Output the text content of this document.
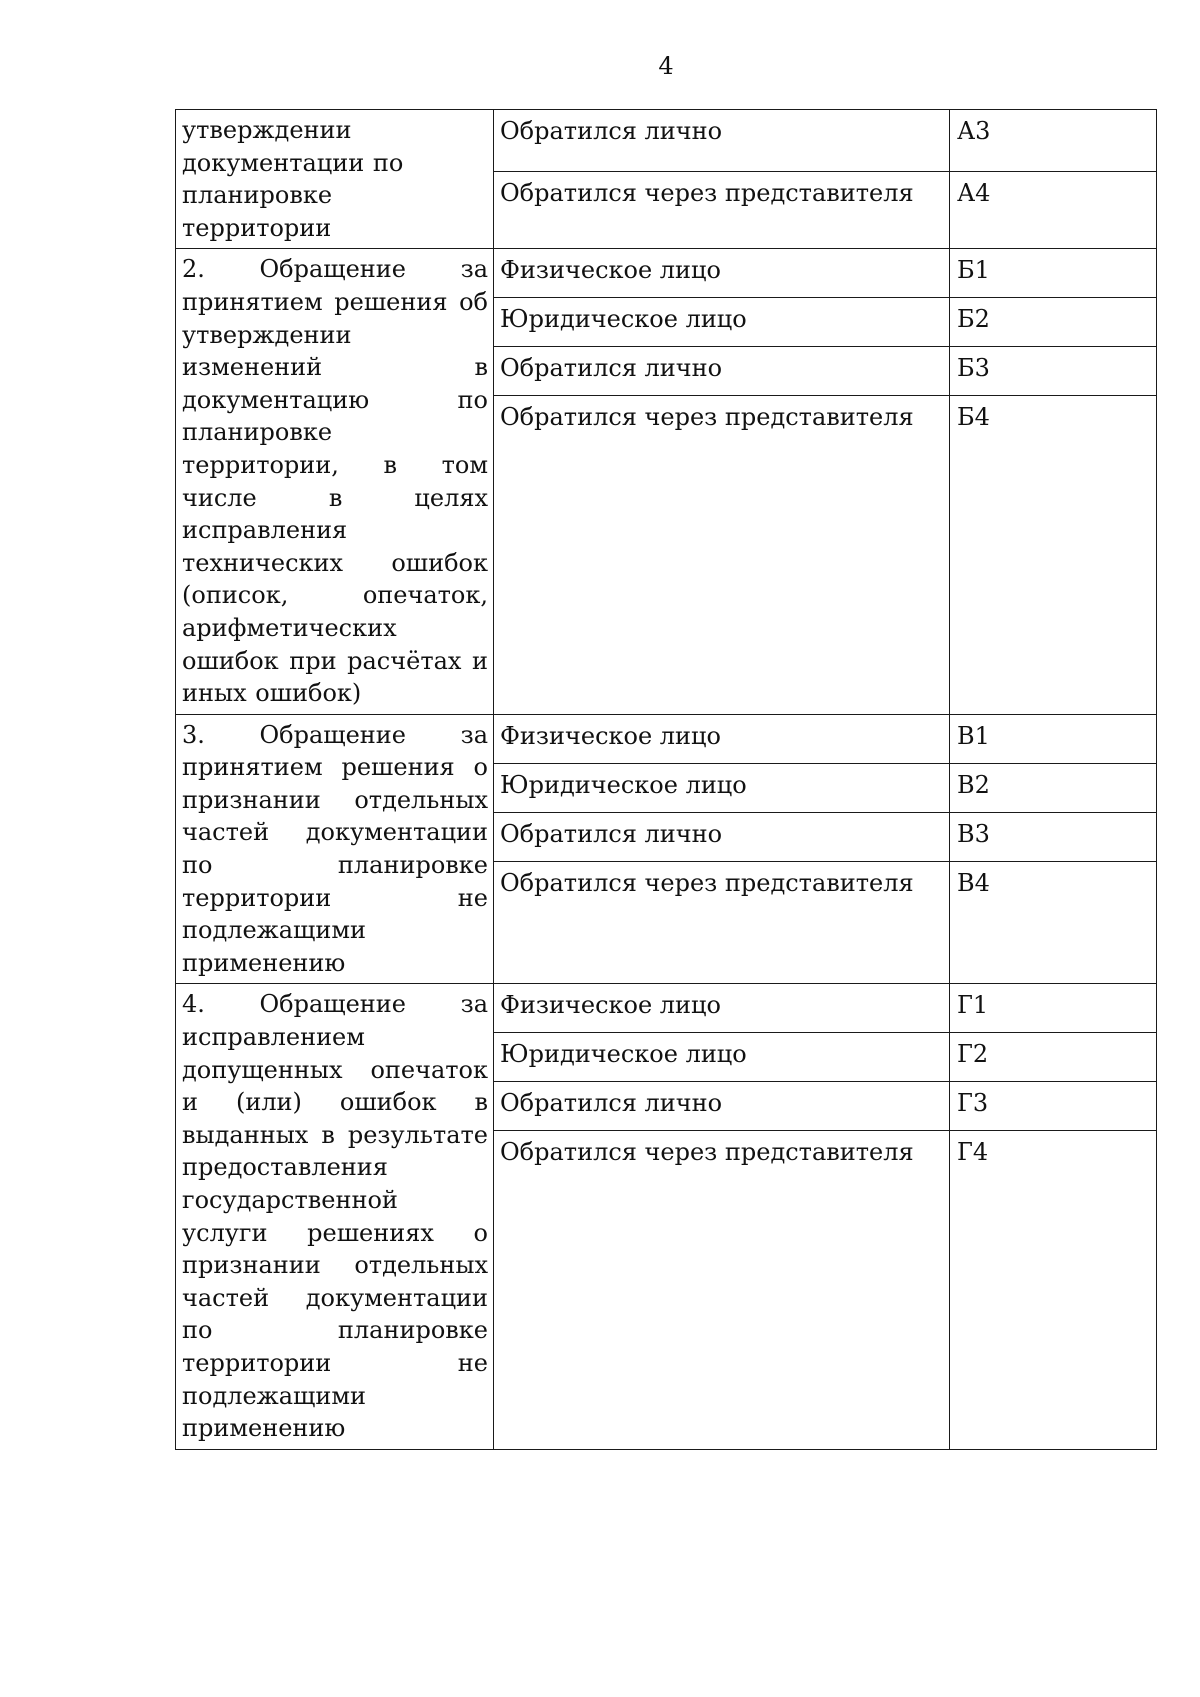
4
утверждении документации по планировке территории	Обратился лично	А3
	Обратился через представителя	А4

2. Обращение за принятием решения об утверждении изменений в документацию по планировке территории, в том числе в целях исправления технических ошибок (описок, опечаток, арифметических ошибок при расчётах и иных ошибок)	Физическое лицо	Б1
	Юридическое лицо	Б2
	Обратился лично	Б3
	Обратился через представителя	Б4

3. Обращение за принятием решения о признании отдельных частей документации по планировке территории не подлежащими применению	Физическое лицо	В1
	Юридическое лицо	В2
	Обратился лично	В3
	Обратился через представителя	В4

4. Обращение за исправлением допущенных опечаток и (или) ошибок в выданных в результате предоставления государственной услуги решениях о признании отдельных частей документации по планировке территории не подлежащими применению	Физическое лицо	Г1
	Юридическое лицо	Г2
	Обратился лично	Г3
	Обратился через представителя	Г4
